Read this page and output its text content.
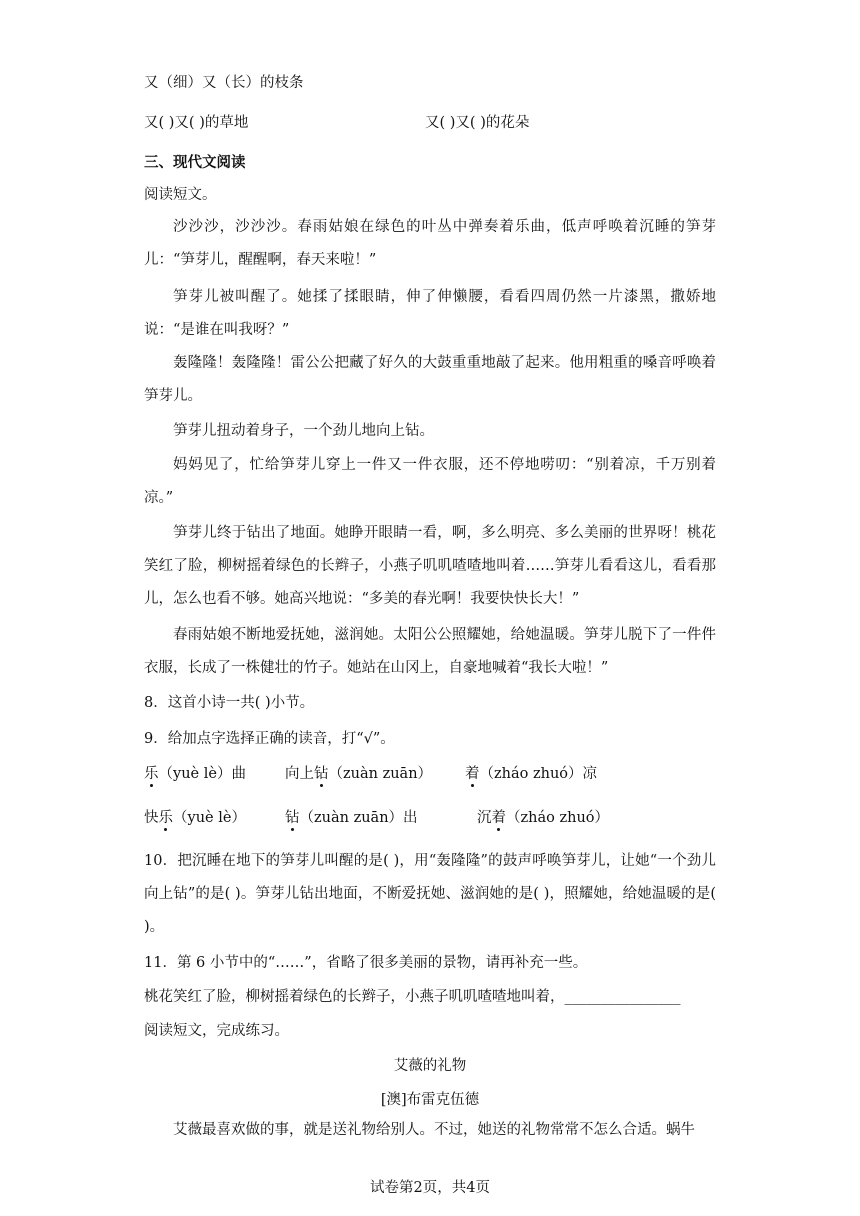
又（细）又（长）的枝条
又( )又( )的草地	又( )又( )的花朵
三、现代文阅读
阅读短文。
沙沙沙，沙沙沙。春雨姑娘在绿色的叶丛中弹奏着乐曲，低声呼唤着沉睡的笋芽儿：“笋芽儿，醒醒啊，春天来啦！”
笋芽儿被叫醒了。她揉了揉眼睛，伸了伸懒腰，看看四周仍然一片漆黑，撒娇地说：“是谁在叫我呀？”
轰隆隆！轰隆隆！雷公公把藏了好久的大鼓重重地敲了起来。他用粗重的嗓音呼唤着笋芽儿。
笋芽儿扭动着身子，一个劲儿地向上钻。
妈妈见了，忙给笋芽儿穿上一件又一件衣服，还不停地唠叨：“别着凉，千万别着凉。”
笋芽儿终于钻出了地面。她睁开眼睛一看，啊，多么明亮、多么美丽的世界呀！桃花笑红了脸，柳树摇着绿色的长辫子，小燕子叽叽喳喳地叫着……笋芽儿看看这儿，看看那儿，怎么也看不够。她高兴地说：“多美的春光啊！我要快快长大！”
春雨姑娘不断地爱抚她，滋润她。太阳公公照耀她，给她温暖。笋芽儿脱下了一件件衣服，长成了一株健壮的竹子。她站在山冈上，自豪地喊着“我长大啦！”
8．这首小诗一共( )小节。
9．给加点字选择正确的读音，打“√”。
乐（yuè lè）曲	向上钻（zuàn zuān） 着（zháo zhuó）凉
快乐（yuè lè）	钻（zuàn zuān）出	沉着（zháo zhuó）
10．把沉睡在地下的笋芽儿叫醒的是( )，用“轰隆隆”的鼓声呼唤笋芽儿，让她“一个劲儿向上钻”的是( )。笋芽儿钻出地面，不断爱抚她、滋润她的是( )，照耀她，给她温暖的是( )。
11．第 6 小节中的“……”，省略了很多美丽的景物，请再补充一些。
桃花笑红了脸，柳树摇着绿色的长辫子，小燕子叽叽喳喳地叫着，________________
阅读短文，完成练习。
艾薇的礼物
[澳]布雷克伍德
艾薇最喜欢做的事，就是送礼物给别人。不过，她送的礼物常常不怎么合适。蜗牛
试卷第2页，共4页
